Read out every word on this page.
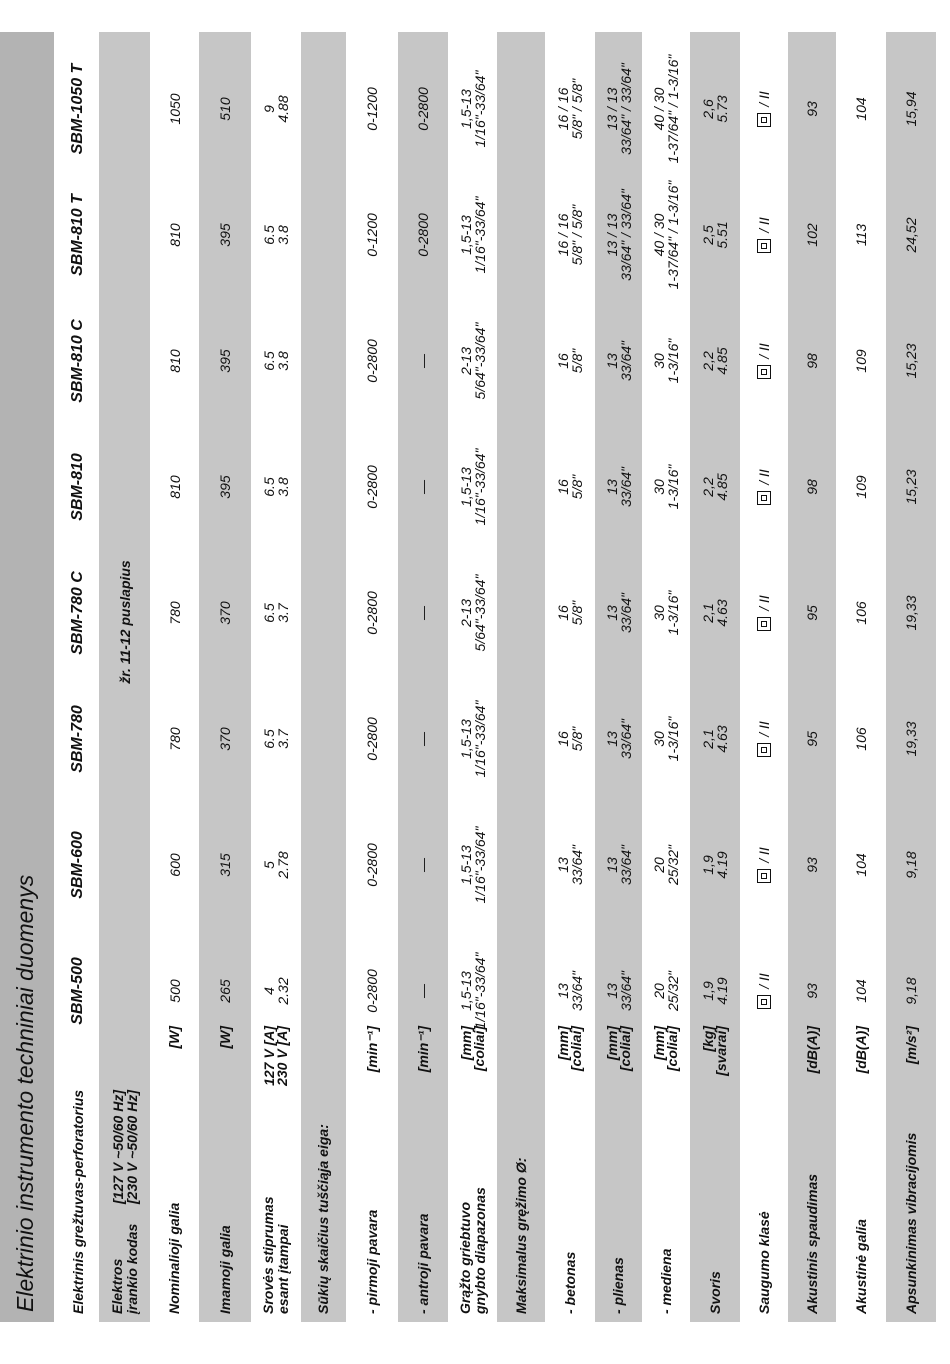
Elektrinio instrumento techniniai duomenys Elektrinis grežtuvas-perforatorius
SBM-500
SBM-600
SBM-780
SBM-780 C
SBM-810
SBM-810 C
SBM-810 T
SBM-1050 T
Elektros
įrankio kodas
[127 V ~50/60 Hz]
[230 V ~50/60 Hz]
žr. 11-12 puslapius
Nominalioji galia
[W]
500
600
780
780
810
810
810
1050
Imamoji galia
[W]
265
315
370
370
395
395
395
510
Srovės stiprumas
esant įtampai
127 V [A]
230 V [A]
4
2.32
5
2.78
6.5
3.7
6.5
3.7
6.5
3.8
6.5
3.8
6.5
3.8
9
4.88
Sūkių skaičius tuščiąja eiga: - pirmoji pavara
[min⁻¹]
0-2800
0-2800
0-2800
0-2800
0-2800
0-2800
0-1200
0-1200
- antroji pavara
[min⁻¹]
—
—
—
—
—
—
0-2800
0-2800
Grąžto griebtuvo
gnybto diapazonas
[mm]
[coliai]
1,5-13
1/16"-33/64"
1,5-13
1/16"-33/64"
1,5-13
1/16"-33/64"
2-13
5/64"-33/64"
1,5-13
1/16"-33/64"
2-13
5/64"-33/64"
1,5-13
1/16"-33/64"
1,5-13
1/16"-33/64"
Maksimalus gręžimo Ø: - betonas
[mm]
[coliai]
13
33/64"
13
33/64"
16
5/8"
16
5/8"
16
5/8"
16
5/8"
16 / 16
5/8" / 5/8"
16 / 16
5/8" / 5/8"
- plienas
[mm]
[coliai]
13
33/64"
13
33/64"
13
33/64"
13
33/64"
13
33/64"
13
33/64"
13 / 13
33/64" / 33/64"
13 / 13
33/64" / 33/64"
- mediena
[mm]
[coliai]
20
25/32"
20
25/32"
30
1-3/16"
30
1-3/16"
30
1-3/16"
30
1-3/16"
40 / 30
1-37/64" / 1-3/16"
40 / 30
1-37/64" / 1-3/16"
Svoris
[kg]
[svarai]
1,9
4.19
1,9
4.19
2,1
4.63
2,1
4.63
2,2
4.85
2,2
4.85
2,5
5.51
2,6
5.73
Saugumo klasė
/ II
/ II
/ II
/ II
/ II
/ II
/ II
/ II
Akustinis spaudimas
[dB(A)]
93
93
95
95
98
98
102
93
Akustinė galia
[dB(A)]
104
104
106
106
109
109
113
104
Apsunkinimas vibracijomis
[m/s²]
9,18
9,18
19,33
19,33
15,23
15,23
24,52
15,94
